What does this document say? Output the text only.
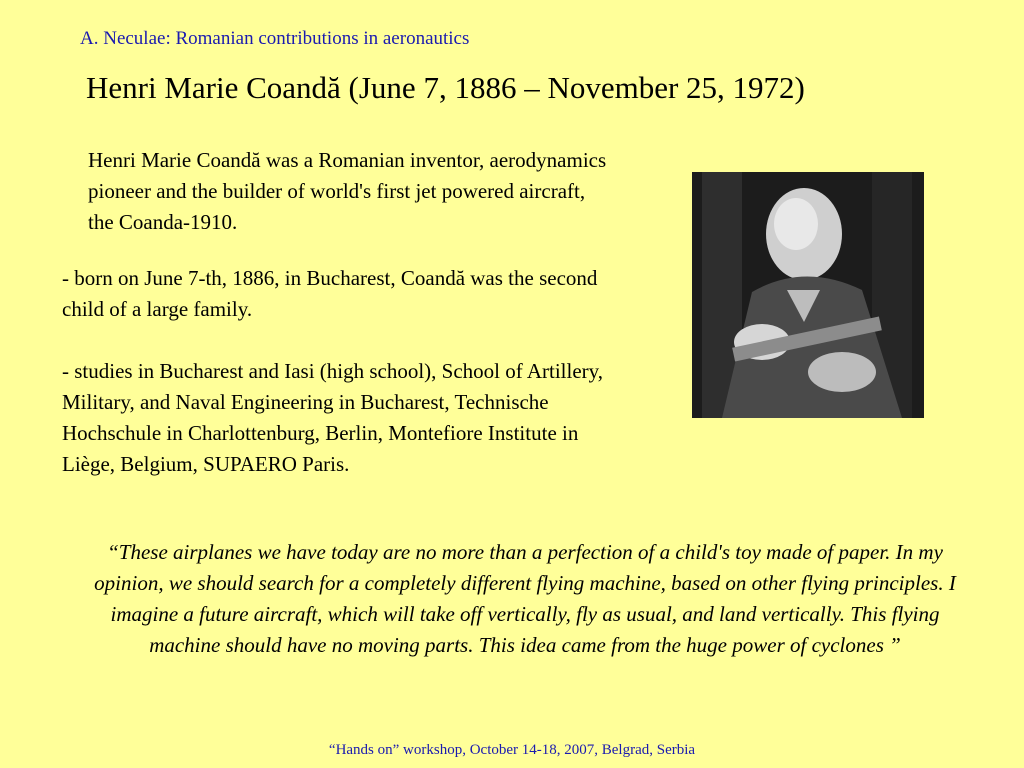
A. Neculae: Romanian contributions in aeronautics
Henri Marie Coandă (June 7, 1886 – November 25, 1972)
Henri Marie Coandă was a Romanian inventor, aerodynamics pioneer and the builder of world's first jet powered aircraft, the Coanda-1910.

- born on June 7-th, 1886, in Bucharest, Coandă was the second child of a large family.

- studies in Bucharest and Iasi (high school), School of Artillery, Military, and Naval Engineering in Bucharest, Technische Hochschule in Charlottenburg, Berlin, Montefiore Institute in Liège, Belgium, SUPAERO Paris.

“These airplanes we have today are no more than a perfection of a child's toy made of paper. In my opinion, we should search for a completely different flying machine, based on other flying principles. I imagine a future aircraft, which will take off vertically, fly as usual, and land vertically. This flying machine should have no moving parts. This idea came from the huge power of cyclones ”
“Hands on” workshop, October 14-18, 2007, Belgrad, Serbia
